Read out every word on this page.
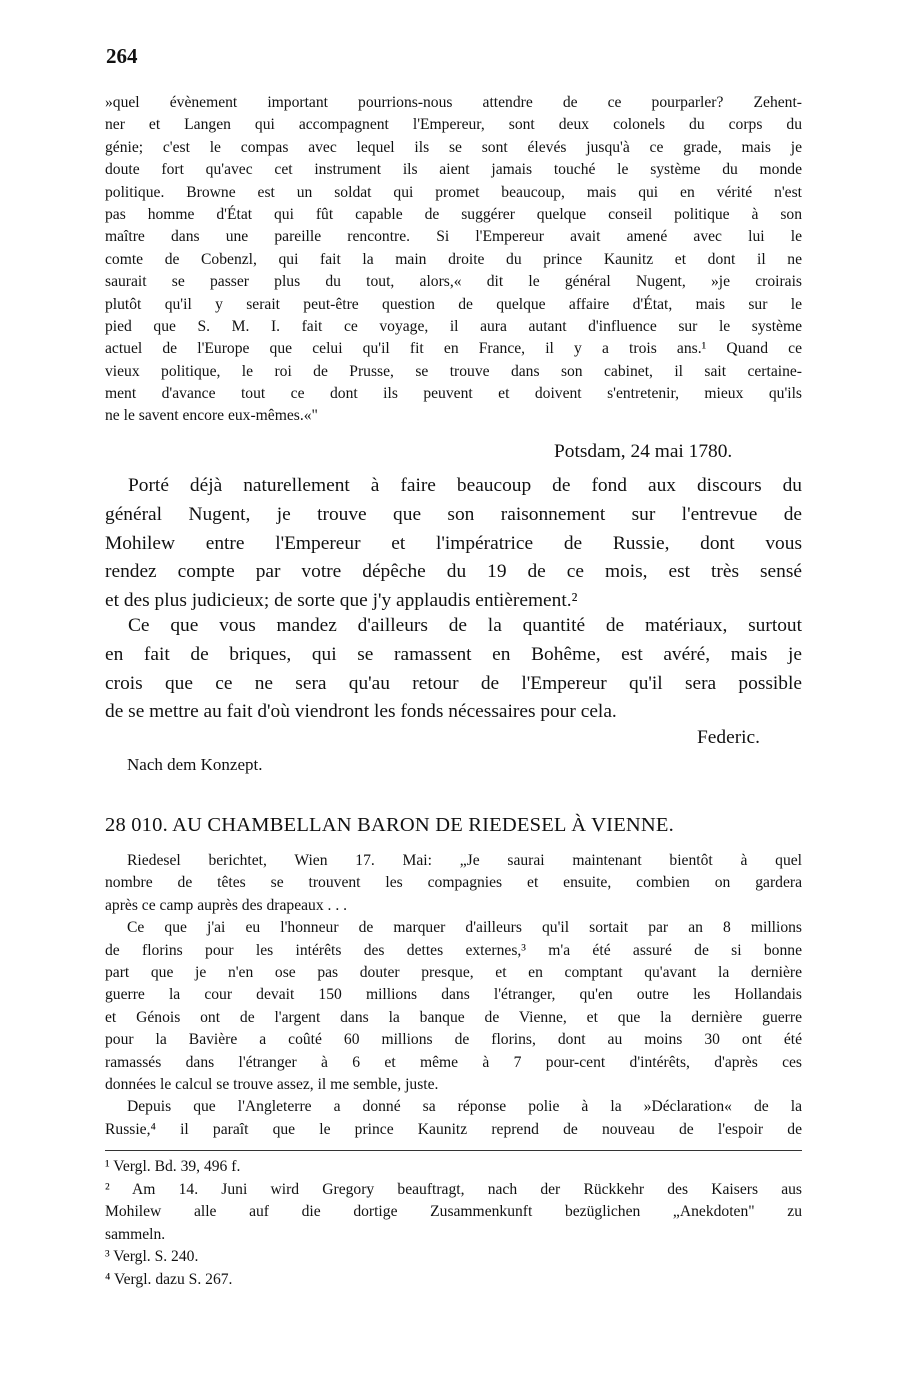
264
»quel évènement important pourrions-nous attendre de ce pourparler? Zehent-
ner et Langen qui accompagnent l'Empereur, sont deux colonels du corps du
génie; c'est le compas avec lequel ils se sont élevés jusqu'à ce grade, mais je
doute fort qu'avec cet instrument ils aient jamais touché le système du monde
politique. Browne est un soldat qui promet beaucoup, mais qui en vérité n'est
pas homme d'État qui fût capable de suggérer quelque conseil politique à son
maître dans une pareille rencontre. Si l'Empereur avait amené avec lui le
comte de Cobenzl, qui fait la main droite du prince Kaunitz et dont il ne
saurait se passer plus du tout, alors,« dit le général Nugent, »je croirais
plutôt qu'il y serait peut-être question de quelque affaire d'État, mais sur le
pied que S. M. I. fait ce voyage, il aura autant d'influence sur le système
actuel de l'Europe que celui qu'il fit en France, il y a trois ans.¹ Quand ce
vieux politique, le roi de Prusse, se trouve dans son cabinet, il sait certaine-
ment d'avance tout ce dont ils peuvent et doivent s'entretenir, mieux qu'ils
ne le savent encore eux-mêmes.«"
Potsdam, 24 mai 1780.
Porté déjà naturellement à faire beaucoup de fond aux discours du
général Nugent, je trouve que son raisonnement sur l'entrevue de
Mohilew entre l'Empereur et l'impératrice de Russie, dont vous
rendez compte par votre dépêche du 19 de ce mois, est très sensé
et des plus judicieux; de sorte que j'y applaudis entièrement.²
Ce que vous mandez d'ailleurs de la quantité de matériaux, surtout
en fait de briques, qui se ramassent en Bohême, est avéré, mais je
crois que ce ne sera qu'au retour de l'Empereur qu'il sera possible
de se mettre au fait d'où viendront les fonds nécessaires pour cela.
Federic.
Nach dem Konzept.
28 010. AU CHAMBELLAN BARON DE RIEDESEL À VIENNE.
Riedesel berichtet, Wien 17. Mai: „Je saurai maintenant bientôt à quel
nombre de têtes se trouvent les compagnies et ensuite, combien on gardera
après ce camp auprès des drapeaux . . .
Ce que j'ai eu l'honneur de marquer d'ailleurs qu'il sortait par an 8 millions
de florins pour les intérêts des dettes externes,³ m'a été assuré de si bonne
part que je n'en ose pas douter presque, et en comptant qu'avant la dernière
guerre la cour devait 150 millions dans l'étranger, qu'en outre les Hollandais
et Génois ont de l'argent dans la banque de Vienne, et que la dernière guerre
pour la Bavière a coûté 60 millions de florins, dont au moins 30 ont été
ramassés dans l'étranger à 6 et même à 7 pour-cent d'intérêts, d'après ces
données le calcul se trouve assez, il me semble, juste.
Depuis que l'Angleterre a donné sa réponse polie à la »Déclaration« de la
Russie,⁴ il paraît que le prince Kaunitz reprend de nouveau de l'espoir de
¹ Vergl. Bd. 39, 496 f.
² Am 14. Juni wird Gregory beauftragt, nach der Rückkehr des Kaisers aus
Mohilew alle auf die dortige Zusammenkunft bezüglichen „Anekdoten" zu
sammeln.
³ Vergl. S. 240.
⁴ Vergl. dazu S. 267.
